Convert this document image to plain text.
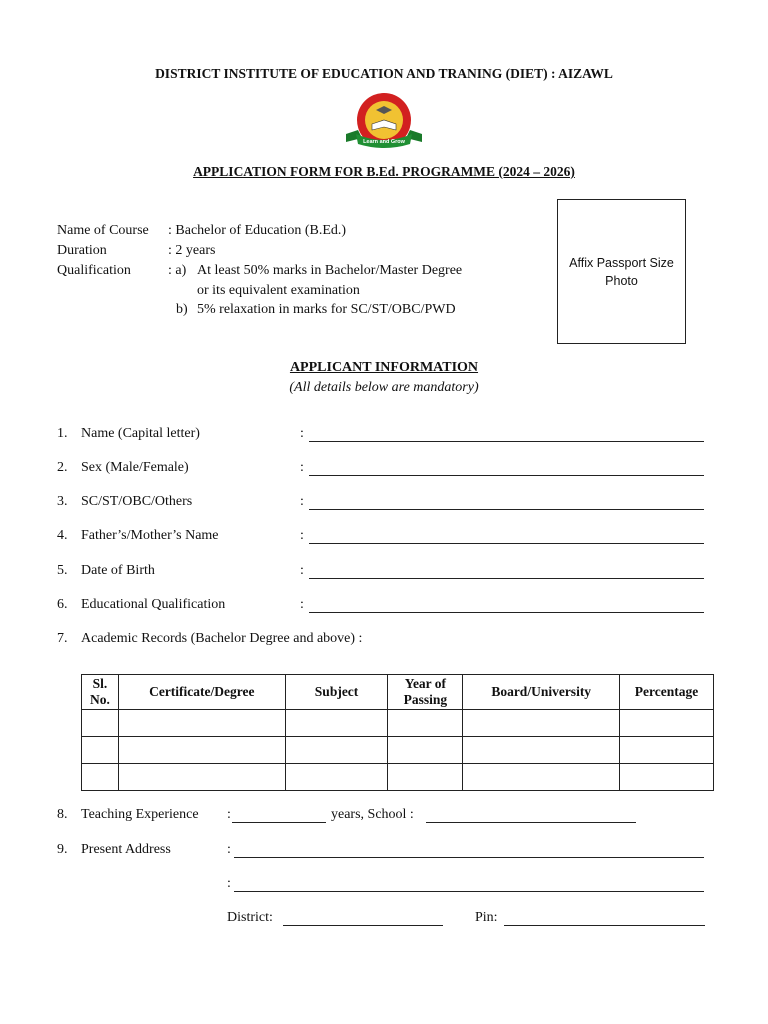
DISTRICT INSTITUTE OF EDUCATION AND TRANING (DIET) : AIZAWL
Learn and Grow
APPLICATION FORM FOR B.Ed. PROGRAMME (2024 – 2026)
Name of Course : Bachelor of Education (B.Ed.)
Duration	: 2 years
Qualification	: a) At least 50% marks in Bachelor/Master Degree
or its equivalent examination
b) 5% relaxation in marks for SC/ST/OBC/PWD
Affix Passport Size
Photo
APPLICANT INFORMATION
(All details below are mandatory)
1. Name (Capital letter)	:
2. Sex (Male/Female)	:
3. SC/ST/OBC/Others	:
4. Father’s/Mother’s Name	:
5. Date of Birth	:
6. Educational Qualification	:
7. Academic Records (Bachelor Degree and above) :
Sl. No.	Certificate/Degree	Subject	Year of Passing	Board/University	Percentage

8. Teaching Experience :	years, School :
9. Present Address	:
:
District:	Pin:
